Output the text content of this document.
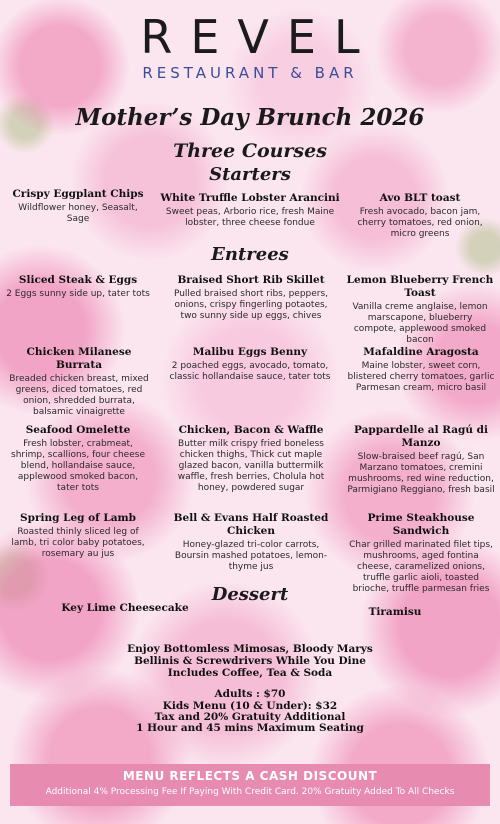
REVEL
RESTAURANT & BAR
Mother’s Day Brunch 2026
Three Courses
Starters
Crispy Eggplant Chips
Wildflower honey, Seasalt, Sage
White Truffle Lobster Arancini
Sweet peas, Arborio rice, fresh Maine lobster, three cheese fondue
Avo BLT toast
Fresh avocado, bacon jam, cherry tomatoes, red onion, micro greens
Entrees
Sliced Steak & Eggs
2 Eggs sunny side up, tater tots
Braised Short Rib Skillet
Pulled braised short ribs, peppers, onions, crispy fingerling potaotes, two sunny side up eggs, chives
Lemon Blueberry French Toast
Vanilla creme anglaise, lemon marscapone, blueberry compote, applewood smoked bacon
Chicken Milanese Burrata
Breaded chicken breast, mixed greens, diced tomatoes, red onion, shredded burrata, balsamic vinaigrette
Malibu Eggs Benny
2 poached eggs, avocado, tomato, classic hollandaise sauce, tater tots
Mafaldine Aragosta
Maine lobster, sweet corn, blistered cherry tomatoes, garlic Parmesan cream, micro basil
Seafood Omelette
Fresh lobster, crabmeat, shrimp, scallions, four cheese blend, hollandaise sauce, applewood smoked bacon, tater tots
Chicken, Bacon & Waffle
Butter milk crispy fried boneless chicken thighs, Thick cut maple glazed bacon, vanilla buttermilk waffle, fresh berries, Cholula hot honey, powdered sugar
Pappardelle al Ragú di Manzo
Slow-braised beef ragú, San Marzano tomatoes, cremini mushrooms, red wine reduction, Parmigiano Reggiano, fresh basil
Spring Leg of Lamb
Roasted thinly sliced leg of lamb, tri color baby potatoes, rosemary au jus
Bell & Evans Half Roasted Chicken
Honey-glazed tri-color carrots, Boursin mashed potatoes, lemon-thyme jus
Prime Steakhouse Sandwich
Char grilled marinated filet tips, mushrooms, aged fontina cheese, caramelized onions, truffle garlic aioli, toasted brioche, truffle parmesan fries
Dessert
Key Lime Cheesecake	Tiramisu
Enjoy Bottomless Mimosas, Bloody Marys
Bellinis & Screwdrivers While You Dine
Includes Coffee, Tea & Soda
Adults : $70
Kids Menu (10 & Under): $32
Tax and 20% Gratuity Additional
1 Hour and 45 mins Maximum Seating
MENU REFLECTS A CASH DISCOUNT
Additional 4% Processing Fee If Paying With Credit Card. 20% Gratuity Added To All Checks
